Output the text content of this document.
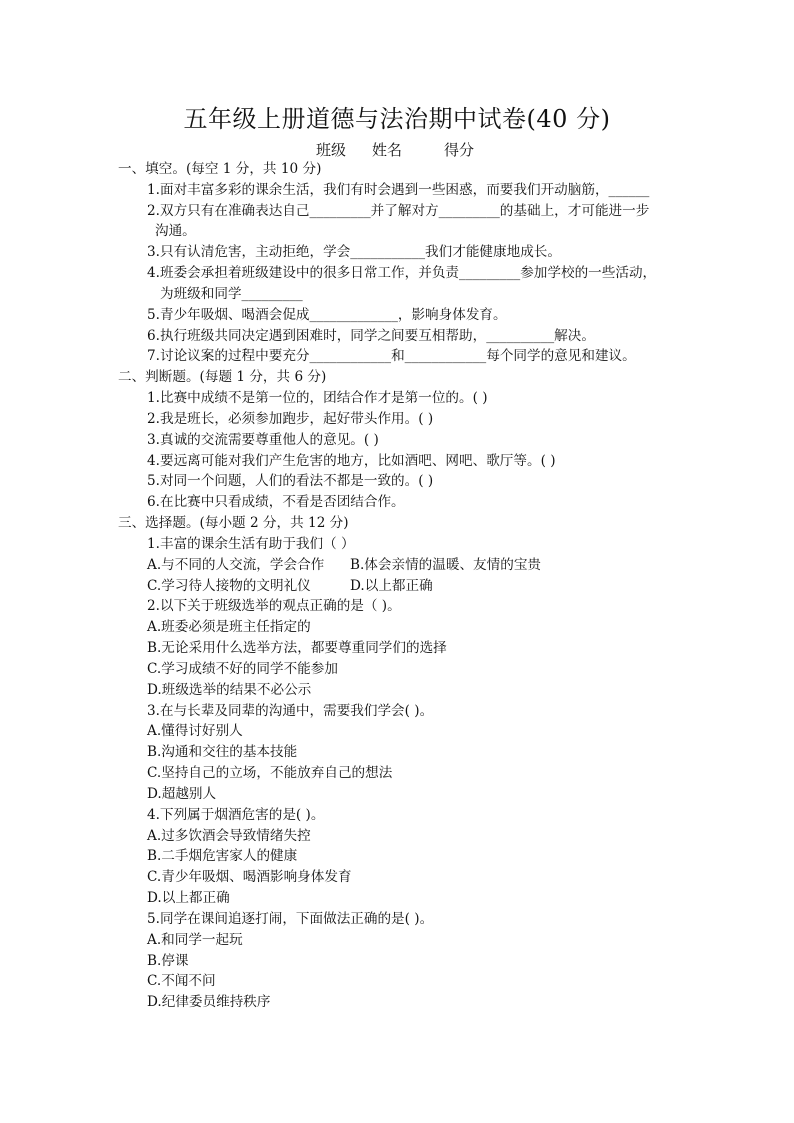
五年级上册道德与法治期中试卷(40 分)
班级 姓名	得分
一、填空。(每空 1 分，共 10 分)
1.面对丰富多彩的课余生活，我们有时会遇到一些困惑，而要我们开动脑筋，______
2.双方只有在准确表达自己_________并了解对方_________的基础上，才可能进一步
沟通。
3.只有认清危害，主动拒绝，学会___________我们才能健康地成长。
4.班委会承担着班级建设中的很多日常工作，并负责_________参加学校的一些活动，
为班级和同学_________
5.青少年吸烟、喝酒会促成_____________，影响身体发育。
6.执行班级共同决定遇到困难时，同学之间要互相帮助，__________解决。
7.讨论议案的过程中要充分____________和____________每个同学的意见和建议。
二、判断题。(每题 1 分，共 6 分)
1.比赛中成绩不是第一位的，团结合作才是第一位的。( )
2.我是班长，必须参加跑步，起好带头作用。( )
3.真诚的交流需要尊重他人的意见。( )
4.要远离可能对我们产生危害的地方，比如酒吧、网吧、歌厅等。( )
5.对同一个问题，人们的看法不都是一致的。( )
6.在比赛中只看成绩，不看是否团结合作。
三、选择题。(每小题 2 分，共 12 分)
1.丰富的课余生活有助于我们（ ）
A.与不同的人交流，学会合作 B.体会亲情的温暖、友情的宝贵
C.学习待人接物的文明礼仪	D.以上都正确
2.以下关于班级选举的观点正确的是（ )。
A.班委必须是班主任指定的
B.无论采用什么选举方法，都要尊重同学们的选择
C.学习成绩不好的同学不能参加
D.班级选举的结果不必公示
3.在与长辈及同辈的沟通中，需要我们学会( )。
A.懂得讨好别人
B.沟通和交往的基本技能
C.坚持自己的立场，不能放弃自己的想法
D.超越别人
4.下列属于烟酒危害的是( )。
A.过多饮酒会导致情绪失控
B.二手烟危害家人的健康
C.青少年吸烟、喝酒影响身体发育
D.以上都正确
5.同学在课间追逐打闹，下面做法正确的是( )。
A.和同学一起玩
B.停课
C.不闻不问
D.纪律委员维持秩序
